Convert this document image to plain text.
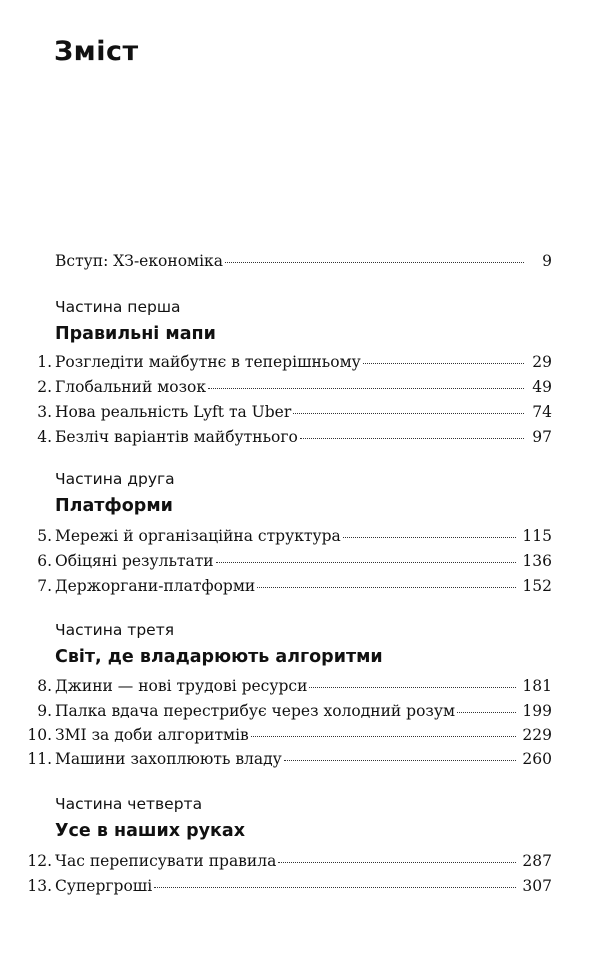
Зміст
Вступ: ХЗ-економіка	9
Частина перша
Правильні мапи
1. Розгледіти майбутнє в теперішньому	29
2. Глобальний мозок	49
3. Нова реальність Lyft та Uber	74
4. Безліч варіантів майбутнього	97
Частина друга
Платформи
5. Мережі й організаційна структура	115
6. Обіцяні результати	136
7. Держоргани-платформи	152
Частина третя
Світ, де владарюють алгоритми
8. Джини — нові трудові ресурси	181
9. Палка вдача перестрибує через холодний розум	199
10. ЗМІ за доби алгоритмів	229
11. Машини захоплюють владу	260
Частина четверта
Усе в наших руках
12. Час переписувати правила	287
13. Супергроші	307
